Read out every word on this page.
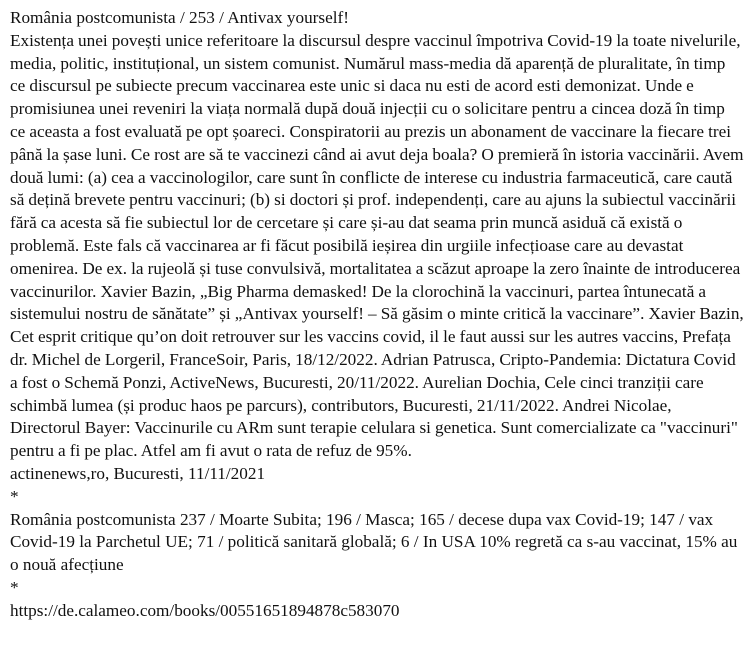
România postcomunista / 253 / Antivax yourself!

Existența unei povești unice referitoare la discursul despre vaccinul împotriva Covid-19 la toate nivelurile, media, politic, instituțional, un sistem comunist. Numărul mass-media dă aparență de pluralitate, în timp ce discursul pe subiecte precum vaccinarea este unic si daca nu esti de acord esti demonizat. Unde e promisiunea unei reveniri la viața normală după două injecții cu o solicitare pentru a cincea doză în timp ce aceasta a fost evaluată pe opt șoareci. Conspiratorii au prezis un abonament de vaccinare la fiecare trei până la șase luni. Ce rost are să te vaccinezi când ai avut deja boala? O premieră în istoria vaccinării. Avem două lumi: (a) cea a vaccinologilor, care sunt în conflicte de interese cu industria farmaceutică, care caută să dețină brevete pentru vaccinuri; (b) si doctori și prof. independenți, care au ajuns la subiectul vaccinării fără ca acesta să fie subiectul lor de cercetare și care și-au dat seama prin muncă asiduă că există o problemă. Este fals că vaccinarea ar fi făcut posibilă ieșirea din urgiile infecțioase care au devastat omenirea. De ex. la rujeolă și tuse convulsivă, mortalitatea a scăzut aproape la zero înainte de introducerea vaccinurilor. Xavier Bazin, „Big Pharma demasked! De la clorochină la vaccinuri, partea întunecată a sistemului nostru de sănătate” și „Antivax yourself! – Să găsim o minte critică la vaccinare”. Xavier Bazin, Cet esprit critique qu’on doit retrouver sur les vaccins covid, il le faut aussi sur les autres vaccins, Prefața dr. Michel de Lorgeril, FranceSoir, Paris, 18/12/2022. Adrian Patrusca, Cripto-Pandemia: Dictatura Covid a fost o Schemă Ponzi, ActiveNews, Bucuresti, 20/11/2022. Aurelian Dochia, Cele cinci tranziții care schimbă lumea (și produc haos pe parcurs), contributors, Bucuresti, 21/11/2022. Andrei Nicolae, Directorul Bayer: Vaccinurile cu ARm sunt terapie celulara si genetica. Sunt comercializate ca "vaccinuri" pentru a fi pe plac. Atfel am fi avut o rata de refuz de 95%.

actinenews,ro, Bucuresti, 11/11/2021

*

România postcomunista 237 / Moarte Subita; 196 / Masca; 165 / decese dupa vax Covid-19; 147 / vax Covid-19 la Parchetul UE; 71 / politică sanitară globală; 6 / In USA 10% regretă ca s-au vaccinat, 15% au o nouă afecțiune

*

https://de.calameo.com/books/00551651894878c583070
